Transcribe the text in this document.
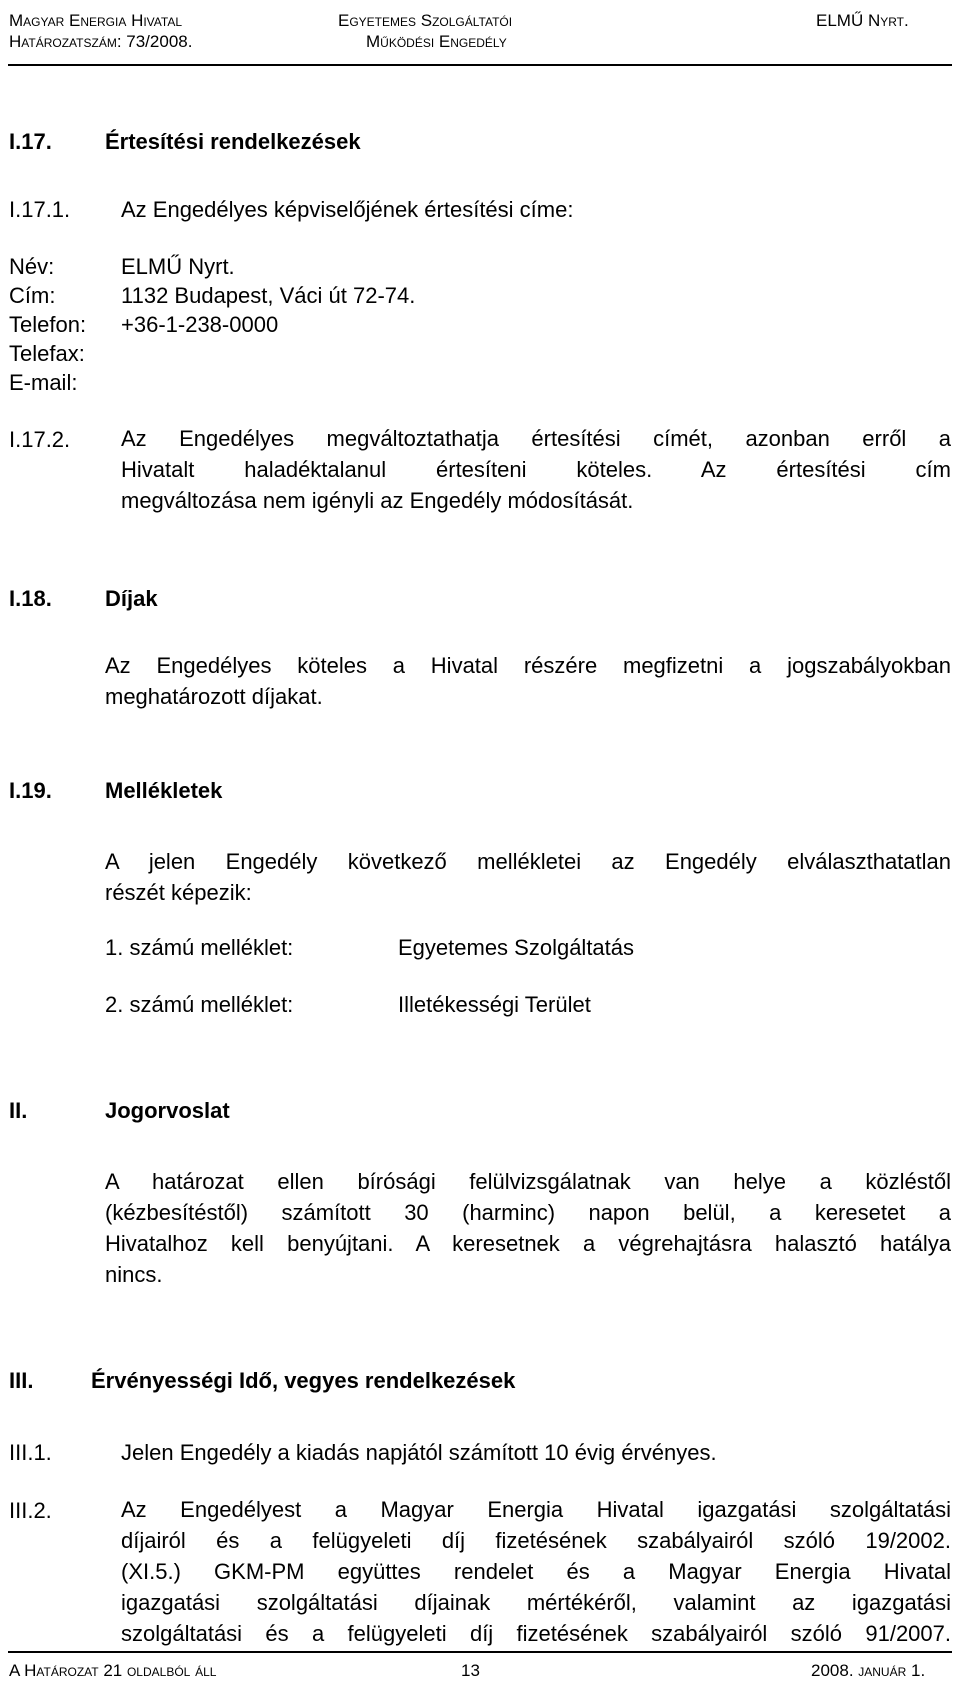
Magyar Energia Hivatal
Határozatszám: 73/2008.
Egyetemes Szolgáltatói
Működési Engedély
ELMŰ Nyrt.
I.17. Értesítési rendelkezések
I.17.1. Az Engedélyes képviselőjének értesítési címe:
Név:	ELMŰ Nyrt.
Cím:	1132 Budapest, Váci út 72-74.
Telefon: +36-1-238-0000
Telefax:
E-mail:
I.17.2. Az Engedélyes megváltoztathatja értesítési címét, azonban erről a
Hivatalt haladéktalanul értesíteni köteles. Az értesítési cím
megváltozása nem igényli az Engedély módosítását.
I.18. Díjak
Az Engedélyes köteles a Hivatal részére megfizetni a jogszabályokban
meghatározott díjakat.
I.19. Mellékletek
A jelen Engedély következő mellékletei az Engedély elválaszthatatlan
részét képezik:
1. számú melléklet:	Egyetemes Szolgáltatás
2. számú melléklet:	Illetékességi Terület
II.	Jogorvoslat
A határozat ellen bírósági felülvizsgálatnak van helye a közléstől
(kézbesítéstől) számított 30 (harminc) napon belül, a keresetet a
Hivatalhoz kell benyújtani. A keresetnek a végrehajtásra halasztó hatálya
nincs.
III.	Érvényességi Idő, vegyes rendelkezések
III.1.	Jelen Engedély a kiadás napjától számított 10 évig érvényes.
III.2.	Az Engedélyest a Magyar Energia Hivatal igazgatási szolgáltatási
díjairól és a felügyeleti díj fizetésének szabályairól szóló 19/2002.
(XI.5.) GKM-PM együttes rendelet és a Magyar Energia Hivatal
igazgatási szolgáltatási díjainak mértékéről, valamint az igazgatási
szolgáltatási és a felügyeleti díj fizetésének szabályairól szóló 91/2007.
A Határozat 21 oldalból áll	13	2008. január 1.
